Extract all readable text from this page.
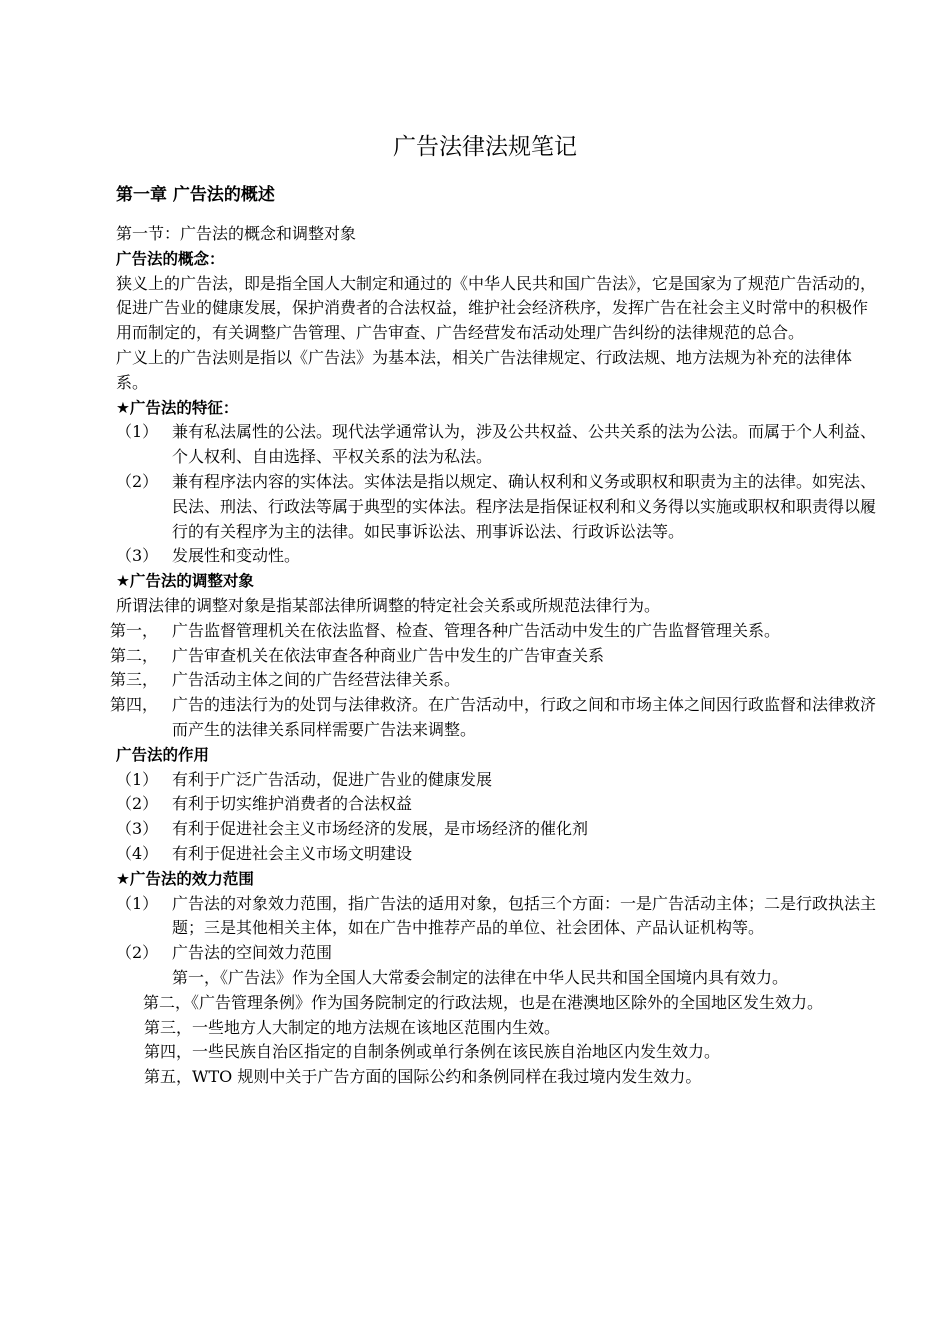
广告法律法规笔记
第一章 广告法的概述

第一节：广告法的概念和调整对象

广告法的概念：

狭义上的广告法，即是指全国人大制定和通过的《中华人民共和国广告法》，它是国家为了规范广告活动的，促进广告业的健康发展，保护消费者的合法权益，维护社会经济秩序，发挥广告在社会主义时常中的积极作用而制定的，有关调整广告管理、广告审查、广告经营发布活动处理广告纠纷的法律规范的总合。

广义上的广告法则是指以《广告法》为基本法，相关广告法律规定、行政法规、地方法规为补充的法律体系。

★广告法的特征：

（1） 兼有私法属性的公法。现代法学通常认为，涉及公共权益、公共关系的法为公法。而属于个人利益、个人权利、自由选择、平权关系的法为私法。

（2） 兼有程序法内容的实体法。实体法是指以规定、确认权利和义务或职权和职责为主的法律。如宪法、民法、刑法、行政法等属于典型的实体法。程序法是指保证权利和义务得以实施或职权和职责得以履行的有关程序为主的法律。如民事诉讼法、刑事诉讼法、行政诉讼法等。

（3） 发展性和变动性。

★广告法的调整对象

所谓法律的调整对象是指某部法律所调整的特定社会关系或所规范法律行为。

第一， 广告监督管理机关在依法监督、检查、管理各种广告活动中发生的广告监督管理关系。

第二， 广告审查机关在依法审查各种商业广告中发生的广告审查关系

第三， 广告活动主体之间的广告经营法律关系。

第四， 广告的违法行为的处罚与法律救济。在广告活动中，行政之间和市场主体之间因行政监督和法律救济而产生的法律关系同样需要广告法来调整。

广告法的作用

（1） 有利于广泛广告活动，促进广告业的健康发展

（2） 有利于切实维护消费者的合法权益

（3） 有利于促进社会主义市场经济的发展，是市场经济的催化剂

（4） 有利于促进社会主义市场文明建设

★广告法的效力范围

（1） 广告法的对象效力范围，指广告法的适用对象，包括三个方面：一是广告活动主体；二是行政执法主题；三是其他相关主体，如在广告中推荐产品的单位、社会团体、产品认证机构等。

（2） 广告法的空间效力范围

第一，《广告法》作为全国人大常委会制定的法律在中华人民共和国全国境内具有效力。

第二，《广告管理条例》作为国务院制定的行政法规，也是在港澳地区除外的全国地区发生效力。

第三，一些地方人大制定的地方法规在该地区范围内生效。

第四，一些民族自治区指定的自制条例或单行条例在该民族自治地区内发生效力。

第五，WTO 规则中关于广告方面的国际公约和条例同样在我过境内发生效力。
